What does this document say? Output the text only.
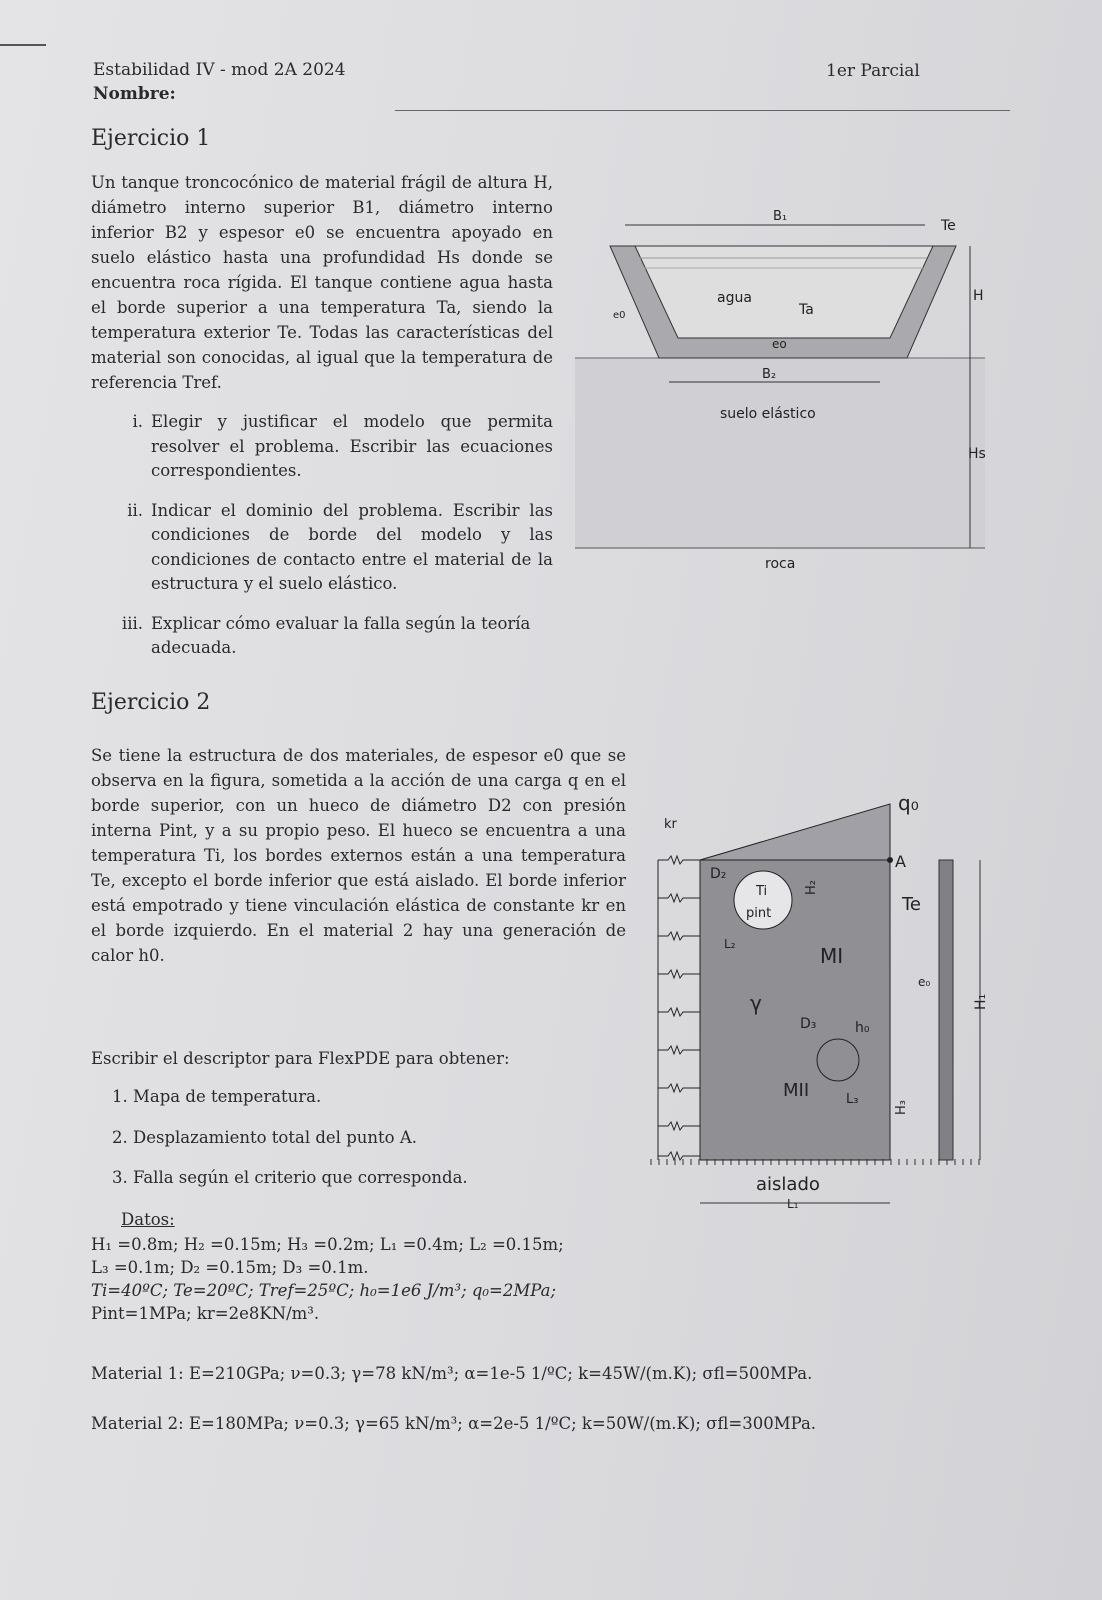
Estabilidad IV - mod 2A 2024
Nombre:
1er Parcial
Ejercicio 1
Un tanque troncocónico de material frágil de altura H, diámetro interno superior B1, diámetro interno inferior B2 y espesor e0 se encuentra apoyado en suelo elástico hasta una profundidad Hs donde se encuentra roca rígida. El tanque contiene agua hasta el borde superior a una temperatura Ta, siendo la temperatura exterior Te. Todas las características del material son conocidas, al igual que la temperatura de referencia Tref.
i. Elegir y justificar el modelo que permita resolver el problema. Escribir las ecuaciones correspondientes.
ii. Indicar el dominio del problema. Escribir las condiciones de borde del modelo y las condiciones de contacto entre el material de la estructura y el suelo elástico.
iii. Explicar cómo evaluar la falla según la teoría adecuada.
B₁
Te
H
Hs
agua
Ta
e0
eo
B₂
suelo elástico
roca
Ejercicio 2
Se tiene la estructura de dos materiales, de espesor e0 que se observa en la figura, sometida a la acción de una carga q en el borde superior, con un hueco de diámetro D2 con presión interna Pint, y a su propio peso. El hueco se encuentra a una temperatura Ti, los bordes externos están a una temperatura Te, excepto el borde inferior que está aislado. El borde inferior está empotrado y tiene vinculación elástica de constante kr en el borde izquierdo. En el material 2 hay una generación de calor h0.
Escribir el descriptor para FlexPDE para obtener:
1. Mapa de temperatura.
2. Desplazamiento total del punto A.
3. Falla según el criterio que corresponda.
Datos:
H₁ =0.8m; H₂ =0.15m; H₃ =0.2m; L₁ =0.4m; L₂ =0.15m;
L₃ =0.1m; D₂ =0.15m; D₃ =0.1m.
Ti=40ºC; Te=20ºC; Tref=25ºC; h₀=1e6 J/m³; q₀=2MPa;
Pint=1MPa; kr=2e8KN/m³.
Material 1: E=210GPa; ν=0.3; γ=78 kN/m³; α=1e-5 1/ºC; k=45W/(m.K); σfl=500MPa.
Material 2: E=180MPa; ν=0.3; γ=65 kN/m³; α=2e-5 1/ºC; k=50W/(m.K); σfl=300MPa.
kr
q₀
A
D₂
H₂
Ti
pint
L₂	MI
Te
γ
D₃	h₀
MII	L₃
H₃
e₀
H₁
aislado
L₁
